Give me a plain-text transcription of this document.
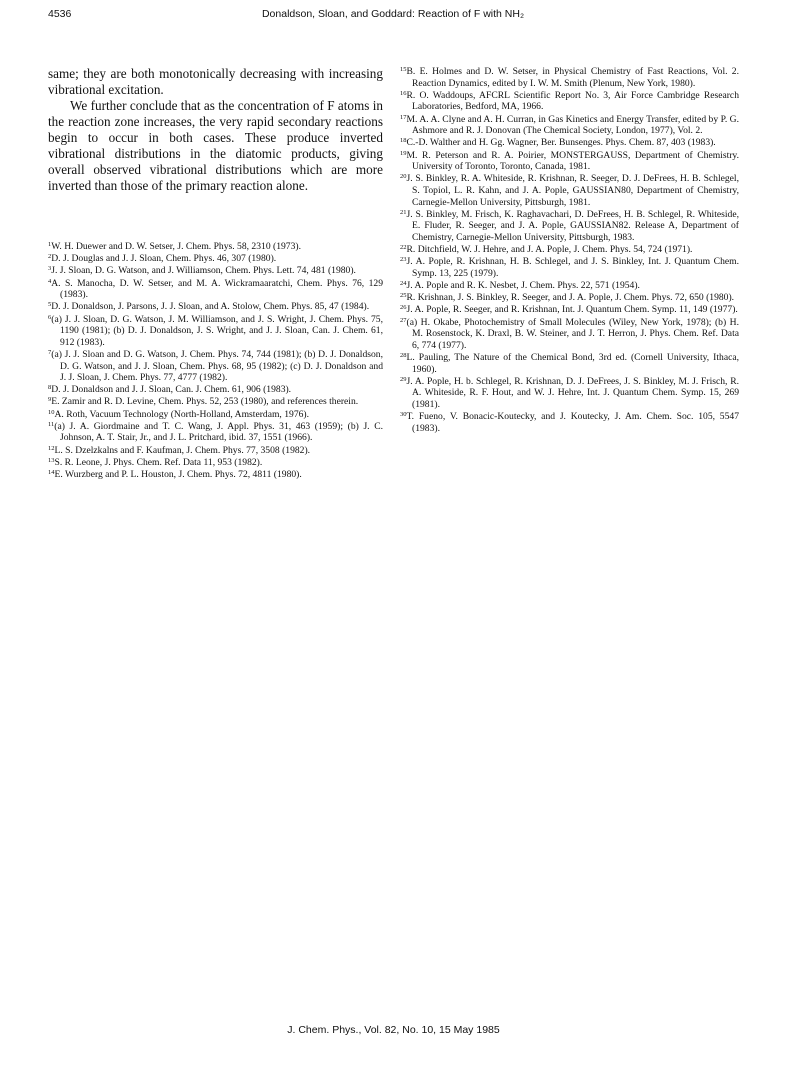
4536	Donaldson, Sloan, and Goddard: Reaction of F with NH₂

same; they are both monotonically decreasing with increasing vibrational excitation.

We further conclude that as the concentration of F atoms in the reaction zone increases, the very rapid secondary reactions begin to occur in both cases. These produce inverted vibrational distributions in the diatomic products, giving overall observed vibrational distributions which are more inverted than those of the primary reaction alone.

$^1$W. H. Duewer and D. W. Setser, J. Chem. Phys. 58, 2310 (1973).
$^2$D. J. Douglas and J. J. Sloan, Chem. Phys. 46, 307 (1980).
$^3$J. J. Sloan, D. G. Watson, and J. Williamson, Chem. Phys. Lett. 74, 481 (1980).
$^4$A. S. Manocha, D. W. Setser, and M. A. Wickramaaratchi, Chem. Phys. 76, 129 (1983).
$^5$D. J. Donaldson, J. Parsons, J. J. Sloan, and A. Stolow, Chem. Phys. 85, 47 (1984).
$^6$(a) J. J. Sloan, D. G. Watson, J. M. Williamson, and J. S. Wright, J. Chem. Phys. 75, 1190 (1981); (b) D. J. Donaldson, J. S. Wright, and J. J. Sloan, Can. J. Chem. 61, 912 (1983).
$^7$(a) J. J. Sloan and D. G. Watson, J. Chem. Phys. 74, 744 (1981); (b) D. J. Donaldson, D. G. Watson, and J. J. Sloan, Chem. Phys. 68, 95 (1982); (c) D. J. Donaldson and J. J. Sloan, J. Chem. Phys. 77, 4777 (1982).
$^8$D. J. Donaldson and J. J. Sloan, Can. J. Chem. 61, 906 (1983).
$^9$E. Zamir and R. D. Levine, Chem. Phys. 52, 253 (1980), and references therein.
$^{10}$A. Roth, Vacuum Technology (North-Holland, Amsterdam, 1976).
$^{11}$(a) J. A. Giordmaine and T. C. Wang, J. Appl. Phys. 31, 463 (1959); (b) J. C. Johnson, A. T. Stair, Jr., and J. L. Pritchard, ibid. 37, 1551 (1966).
$^{12}$L. S. Dzelzkalns and F. Kaufman, J. Chem. Phys. 77, 3508 (1982).
$^{13}$S. R. Leone, J. Phys. Chem. Ref. Data 11, 953 (1982).
$^{14}$E. Wurzberg and P. L. Houston, J. Chem. Phys. 72, 4811 (1980).
$^{15}$B. E. Holmes and D. W. Setser, in Physical Chemistry of Fast Reactions, Vol. 2. Reaction Dynamics, edited by I. W. M. Smith (Plenum, New York, 1980).
$^{16}$R. O. Waddoups, AFCRL Scientific Report No. 3, Air Force Cambridge Research Laboratories, Bedford, MA, 1966.
$^{17}$M. A. A. Clyne and A. H. Curran, in Gas Kinetics and Energy Transfer, edited by P. G. Ashmore and R. J. Donovan (The Chemical Society, London, 1977), Vol. 2.
$^{18}$C.-D. Walther and H. Gg. Wagner, Ber. Bunsenges. Phys. Chem. 87, 403 (1983).
$^{19}$M. R. Peterson and R. A. Poirier, MONSTERGAUSS, Department of Chemistry. University of Toronto, Toronto, Canada, 1981.
$^{20}$J. S. Binkley, R. A. Whiteside, R. Krishnan, R. Seeger, D. J. DeFrees, H. B. Schlegel, S. Topiol, L. R. Kahn, and J. A. Pople, GAUSSIAN80, Department of Chemistry, Carnegie-Mellon University, Pittsburgh, 1981.
$^{21}$J. S. Binkley, M. Frisch, K. Raghavachari, D. DeFrees, H. B. Schlegel, R. Whiteside, E. Fluder, R. Seeger, and J. A. Pople, GAUSSIAN82. Release A, Department of Chemistry, Carnegie-Mellon University, Pittsburgh, 1983.
$^{22}$R. Ditchfield, W. J. Hehre, and J. A. Pople, J. Chem. Phys. 54, 724 (1971).
$^{23}$J. A. Pople, R. Krishnan, H. B. Schlegel, and J. S. Binkley, Int. J. Quantum Chem. Symp. 13, 225 (1979).
$^{24}$J. A. Pople and R. K. Nesbet, J. Chem. Phys. 22, 571 (1954).
$^{25}$R. Krishnan, J. S. Binkley, R. Seeger, and J. A. Pople, J. Chem. Phys. 72, 650 (1980).
$^{26}$J. A. Pople, R. Seeger, and R. Krishnan, Int. J. Quantum Chem. Symp. 11, 149 (1977).
$^{27}$(a) H. Okabe, Photochemistry of Small Molecules (Wiley, New York, 1978); (b) H. M. Rosenstock, K. Draxl, B. W. Steiner, and J. T. Herron, J. Phys. Chem. Ref. Data 6, 774 (1977).
$^{28}$L. Pauling, The Nature of the Chemical Bond, 3rd ed. (Cornell University, Ithaca, 1960).
$^{29}$J. A. Pople, H. b. Schlegel, R. Krishnan, D. J. DeFrees, J. S. Binkley, M. J. Frisch, R. A. Whiteside, R. F. Hout, and W. J. Hehre, Int. J. Quantum Chem. Symp. 15, 269 (1981).
$^{30}$T. Fueno, V. Bonacic-Koutecky, and J. Koutecky, J. Am. Chem. Soc. 105, 5547 (1983).
J. Chem. Phys., Vol. 82, No. 10, 15 May 1985
